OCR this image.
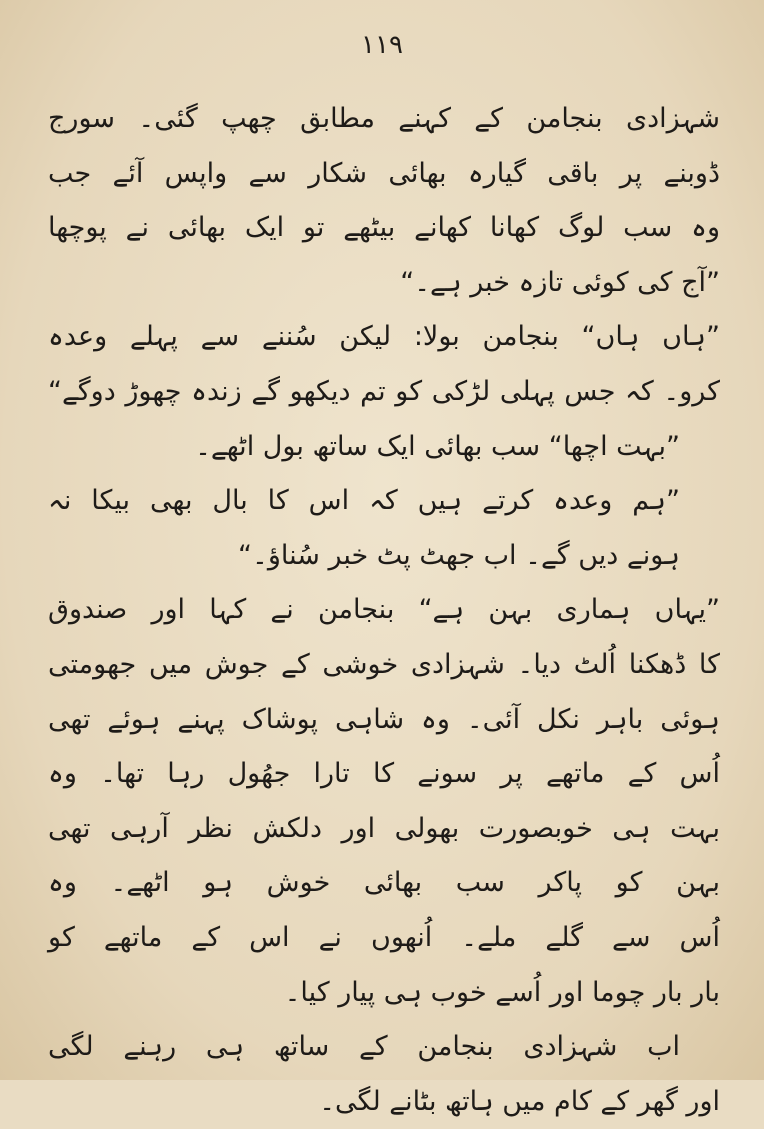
۱۱۹
شہزادی بنجامن کے کہنے مطابق چھپ گئی۔ سورج
ڈوبنے پر باقی گیارہ بھائی شکار سے واپس آئے جب
وہ سب لوگ کھانا کھانے بیٹھے تو ایک بھائی نے پوچھا
”آج کی کوئی تازہ خبر ہے۔“
”ہاں ہاں“ بنجامن بولا: لیکن سُننے سے پہلے وعدہ
کرو۔ کہ جس پہلی لڑکی کو تم دیکھو گے زندہ چھوڑ دوگے“
”بہت اچھا“ سب بھائی ایک ساتھ بول اٹھے۔
”ہم وعدہ کرتے ہیں کہ اس کا بال بھی بیکا نہ
ہونے دیں گے۔ اب جھٹ پٹ خبر سُناؤ۔“
”یہاں ہماری بہن ہے“ بنجامن نے کہا اور صندوق
کا ڈھکنا اُلٹ دیا۔ شہزادی خوشی کے جوش میں جھومتی
ہوئی باہر نکل آئی۔ وہ شاہی پوشاک پہنے ہوئے تھی
اُس کے ماتھے پر سونے کا تارا جھُول رہا تھا۔ وہ
بہت ہی خوبصورت بھولی اور دلکش نظر آرہی تھی
بہن کو پاکر سب بھائی خوش ہو اٹھے۔ وہ
اُس سے گلے ملے۔ اُنھوں نے اس کے ماتھے کو
بار بار چوما اور اُسے خوب ہی پیار کیا۔
اب شہزادی بنجامن کے ساتھ ہی رہنے لگی
اور گھر کے کام میں ہاتھ بٹانے لگی۔
